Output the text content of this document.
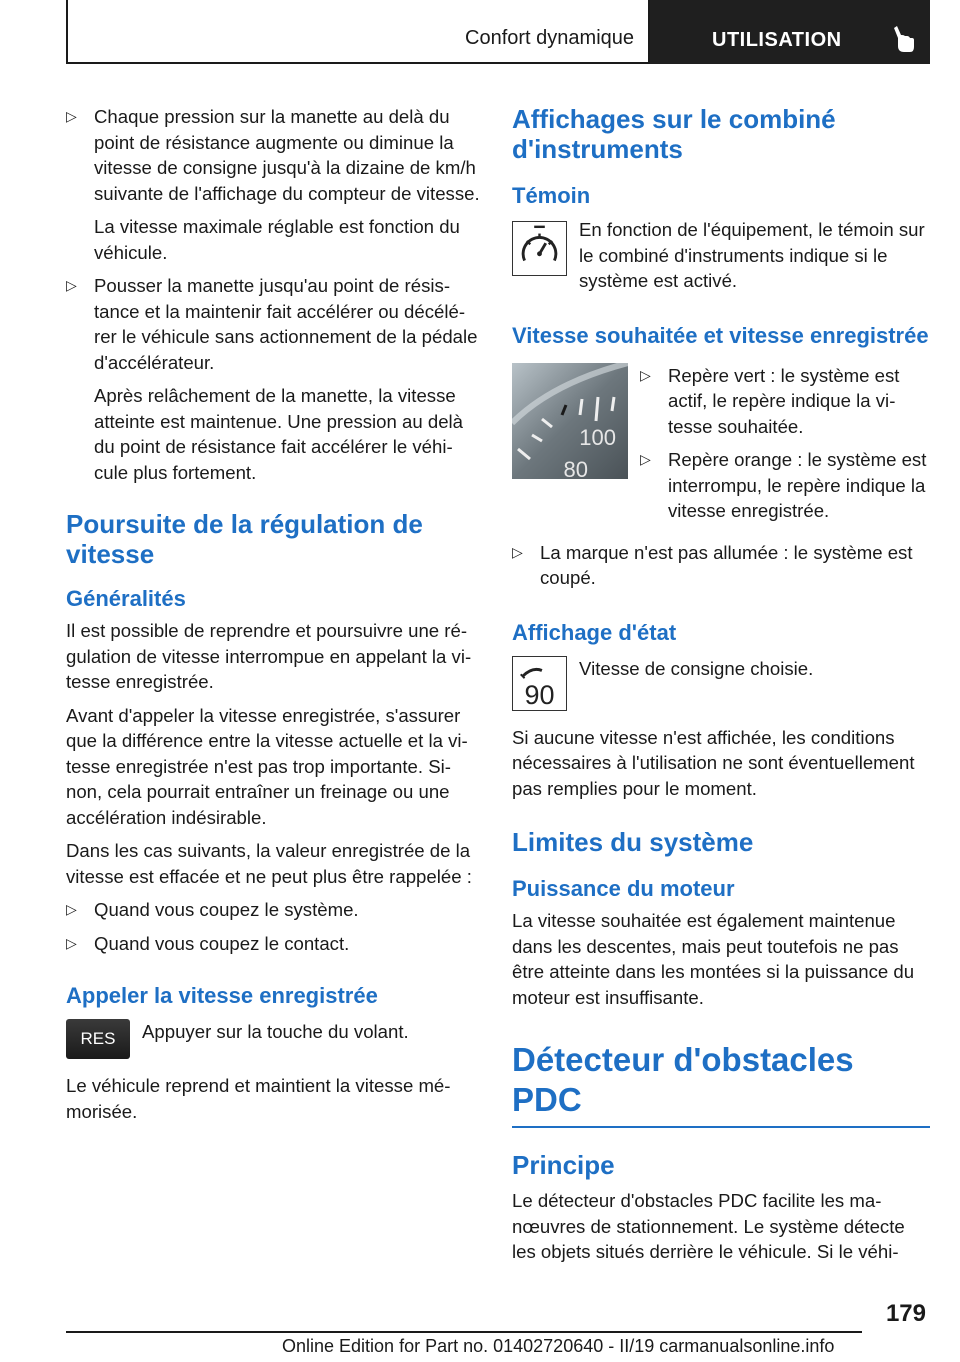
Confort dynamique	UTILISATION
▷ Chaque pression sur la manette au delà du point de résistance augmente ou diminue la vitesse de consigne jusqu'à la dizaine de km/h suivante de l'affichage du compteur de vitesse.
La vitesse maximale réglable est fonction du véhicule.
▷ Pousser la manette jusqu'au point de résistance et la maintenir fait accélérer ou décélérer le véhicule sans actionnement de la pédale d'accélérateur.
Après relâchement de la manette, la vitesse atteinte est maintenue. Une pression au delà du point de résistance fait accélérer le véhicule plus fortement.
Poursuite de la régulation de vitesse
Généralités

Il est possible de reprendre et poursuivre une régulation de vitesse interrompue en appelant la vitesse enregistrée.

Avant d'appeler la vitesse enregistrée, s'assurer que la différence entre la vitesse actuelle et la vitesse enregistrée n'est pas trop importante. Sinon, cela pourrait entraîner un freinage ou une accélération indésirable.

Dans les cas suivants, la valeur enregistrée de la vitesse est effacée et ne peut plus être rappelée :

▷ Quand vous coupez le système.
▷ Quand vous coupez le contact.
Appeler la vitesse enregistrée
RES	Appuyer sur la touche du volant.

Le véhicule reprend et maintient la vitesse mémorisée.

Affichages sur le combiné d'instruments
Témoin
En fonction de l'équipement, le témoin sur le combiné d'instruments indique si le système est activé.
Vitesse souhaitée et vitesse enregistrée
100
80
▷ Repère vert : le système est actif, le repère indique la vitesse souhaitée.
▷ Repère orange : le système est interrompu, le repère indique la vitesse enregistrée.
▷ La marque n'est pas allumée : le système est coupé.
Affichage d'état
90
Vitesse de consigne choisie.

Si aucune vitesse n'est affichée, les conditions nécessaires à l'utilisation ne sont éventuellement pas remplies pour le moment.

Limites du système
Puissance du moteur

La vitesse souhaitée est également maintenue dans les descentes, mais peut toutefois ne pas être atteinte dans les montées si la puissance du moteur est insuffisante.

Détecteur d'obstacles PDC
Principe

Le détecteur d'obstacles PDC facilite les manœuvres de stationnement. Le système détecte les objets situés derrière le véhicule. Si le véhi-

179
Online Edition for Part no. 01402720640 - II/19 carmanualsonline.info
